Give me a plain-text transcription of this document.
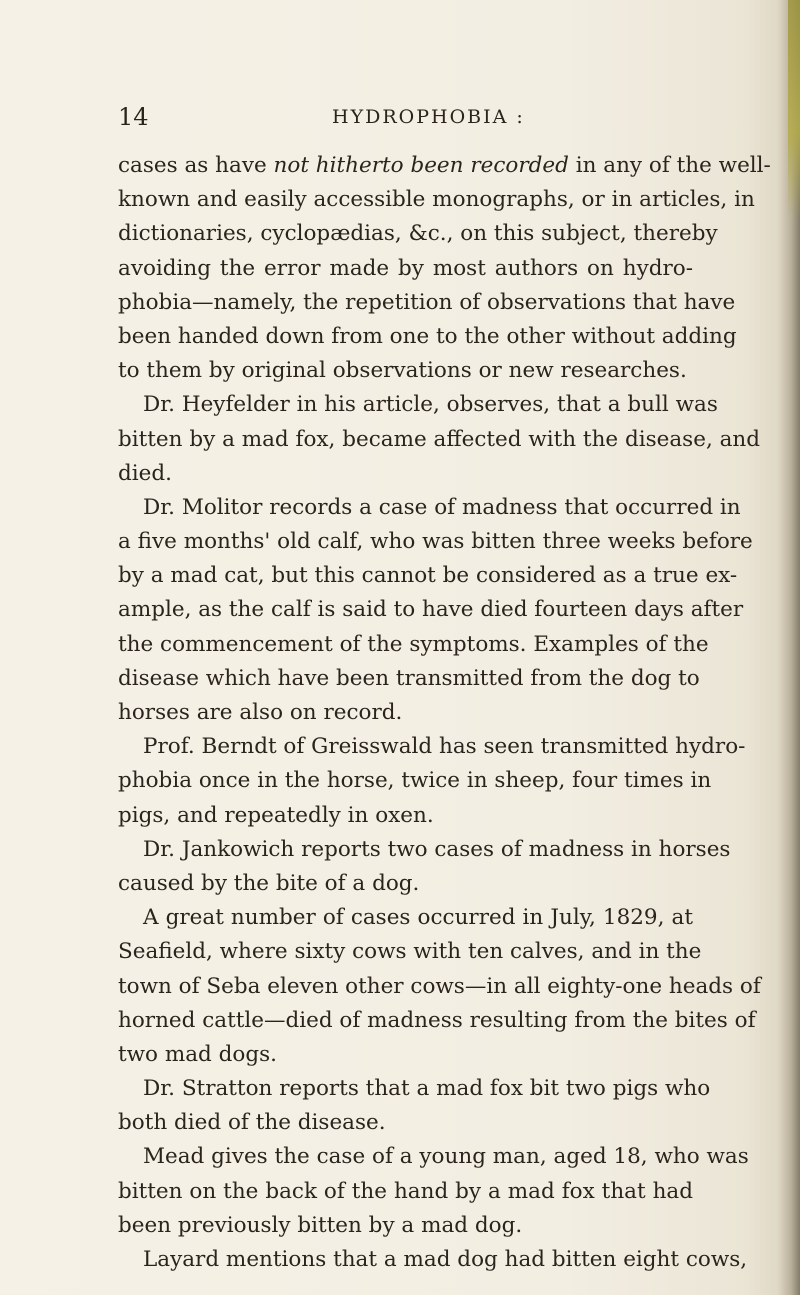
14	HYDROPHOBIA :
cases as have not hitherto been recorded in any of the well-
known and easily accessible monographs, or in articles, in
dictionaries, cyclopædias, &c., on this subject, thereby
avoiding the error made by most authors on hydro-
phobia—namely, the repetition of observations that have
been handed down from one to the other without adding
to them by original observations or new researches.
Dr. Heyfelder in his article, observes, that a bull was
bitten by a mad fox, became affected with the disease, and
died.
Dr. Molitor records a case of madness that occurred in
a five months' old calf, who was bitten three weeks before
by a mad cat, but this cannot be considered as a true ex-
ample, as the calf is said to have died fourteen days after
the commencement of the symptoms. Examples of the
disease which have been transmitted from the dog to
horses are also on record.
Prof. Berndt of Greisswald has seen transmitted hydro-
phobia once in the horse, twice in sheep, four times in
pigs, and repeatedly in oxen.
Dr. Jankowich reports two cases of madness in horses
caused by the bite of a dog.
A great number of cases occurred in July, 1829, at
Seafield, where sixty cows with ten calves, and in the
town of Seba eleven other cows—in all eighty-one heads of
horned cattle—died of madness resulting from the bites of
two mad dogs.
Dr. Stratton reports that a mad fox bit two pigs who
both died of the disease.
Mead gives the case of a young man, aged 18, who was
bitten on the back of the hand by a mad fox that had
been previously bitten by a mad dog.
Layard mentions that a mad dog had bitten eight cows,
